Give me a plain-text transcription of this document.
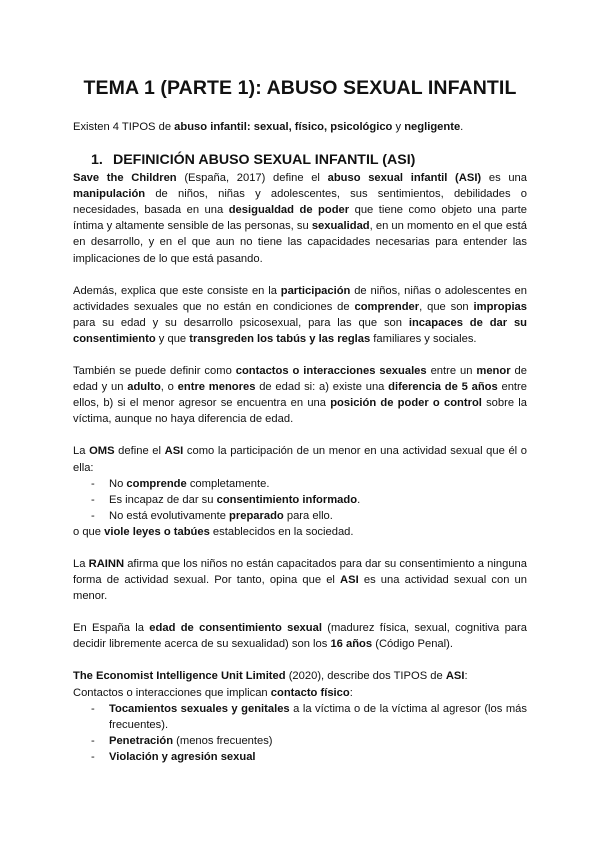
TEMA 1 (PARTE 1): ABUSO SEXUAL INFANTIL

Existen 4 TIPOS de abuso infantil: sexual, físico, psicológico y negligente.

1. DEFINICIÓN ABUSO SEXUAL INFANTIL (ASI)

Save the Children (España, 2017) define el abuso sexual infantil (ASI) es una manipulación de niños, niñas y adolescentes, sus sentimientos, debilidades o necesidades, basada en una desigualdad de poder que tiene como objeto una parte íntima y altamente sensible de las personas, su sexualidad, en un momento en el que está en desarrollo, y en el que aun no tiene las capacidades necesarias para entender las implicaciones de lo que está pasando.

Además, explica que este consiste en la participación de niños, niñas o adolescentes en actividades sexuales que no están en condiciones de comprender, que son impropias para su edad y su desarrollo psicosexual, para las que son incapaces de dar su consentimiento y que transgreden los tabús y las reglas familiares y sociales.

También se puede definir como contactos o interacciones sexuales entre un menor de edad y un adulto, o entre menores de edad si: a) existe una diferencia de 5 años entre ellos, b) si el menor agresor se encuentra en una posición de poder o control sobre la víctima, aunque no haya diferencia de edad.

La OMS define el ASI como la participación de un menor en una actividad sexual que él o ella:

- No comprende completamente.
- Es incapaz de dar su consentimiento informado.
- No está evolutivamente preparado para ello.

o que viole leyes o tabúes establecidos en la sociedad.

La RAINN afirma que los niños no están capacitados para dar su consentimiento a ninguna forma de actividad sexual. Por tanto, opina que el ASI es una actividad sexual con un menor.

En España la edad de consentimiento sexual (madurez física, sexual, cognitiva para decidir libremente acerca de su sexualidad) son los 16 años (Código Penal).

The Economist Intelligence Unit Limited (2020), describe dos TIPOS de ASI:

Contactos o interacciones que implican contacto físico:

- Tocamientos sexuales y genitales a la víctima o de la víctima al agresor (los más frecuentes).
- Penetración (menos frecuentes)
- Violación y agresión sexual
